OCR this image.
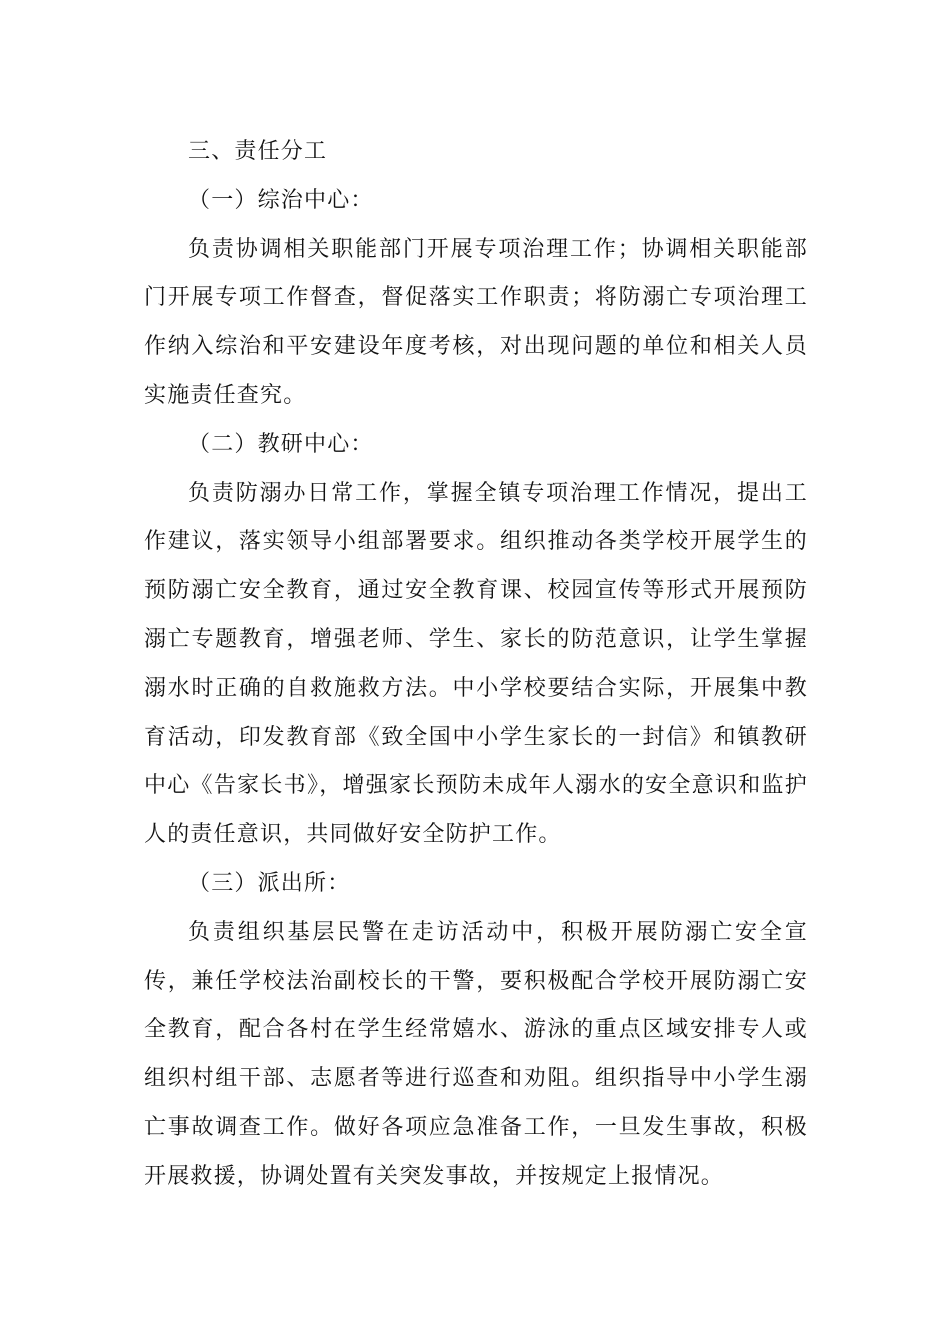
三、责任分工

（一）综治中心：

负责协调相关职能部门开展专项治理工作；协调相关职能部门开展专项工作督查，督促落实工作职责；将防溺亡专项治理工作纳入综治和平安建设年度考核，对出现问题的单位和相关人员实施责任查究。

（二）教研中心：

负责防溺办日常工作，掌握全镇专项治理工作情况，提出工作建议，落实领导小组部署要求。组织推动各类学校开展学生的预防溺亡安全教育，通过安全教育课、校园宣传等形式开展预防溺亡专题教育，增强老师、学生、家长的防范意识，让学生掌握溺水时正确的自救施救方法。中小学校要结合实际，开展集中教育活动，印发教育部《致全国中小学生家长的一封信》和镇教研中心《告家长书》，增强家长预防未成年人溺水的安全意识和监护人的责任意识，共同做好安全防护工作。

（三）派出所：

负责组织基层民警在走访活动中，积极开展防溺亡安全宣传，兼任学校法治副校长的干警，要积极配合学校开展防溺亡安全教育，配合各村在学生经常嬉水、游泳的重点区域安排专人或组织村组干部、志愿者等进行巡查和劝阻。组织指导中小学生溺亡事故调查工作。做好各项应急准备工作，一旦发生事故，积极开展救援，协调处置有关突发事故，并按规定上报情况。
